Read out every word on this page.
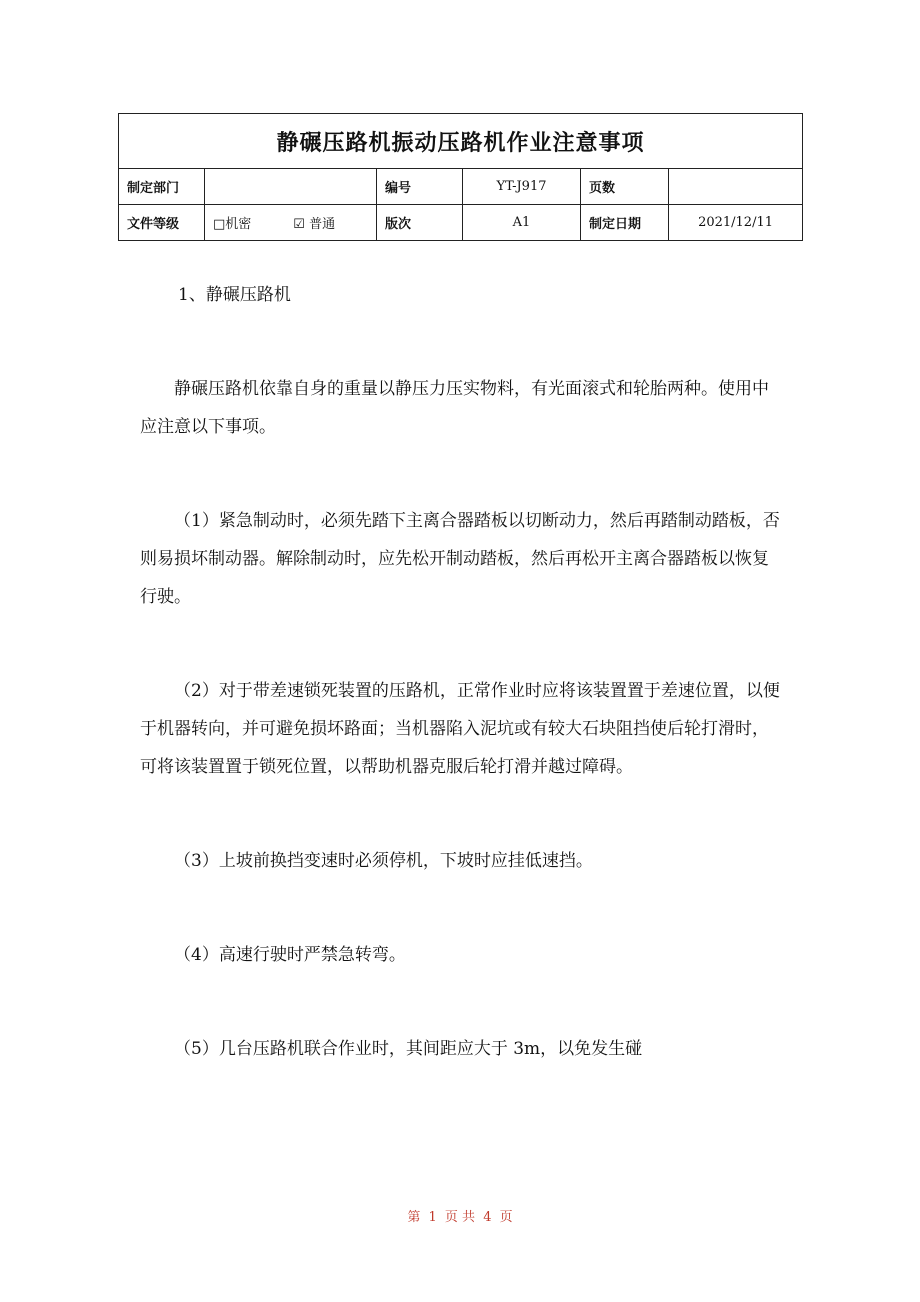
静碾压路机振动压路机作业注意事项					
制定部门		编号	YT-J917	页数	
文件等级	□机密 ☑ 普通	版次	A1	制定日期	2021/12/11

1、静碾压路机

静碾压路机依靠自身的重量以静压力压实物料，有光面滚式和轮胎两种。使用中应注意以下事项。

（1）紧急制动时，必须先踏下主离合器踏板以切断动力，然后再踏制动踏板，否则易损坏制动器。解除制动时，应先松开制动踏板，然后再松开主离合器踏板以恢复行驶。

（2）对于带差速锁死装置的压路机，正常作业时应将该装置置于差速位置，以便于机器转向，并可避免损坏路面；当机器陷入泥坑或有较大石块阻挡使后轮打滑时，可将该装置置于锁死位置，以帮助机器克服后轮打滑并越过障碍。

（3）上坡前换挡变速时必须停机，下坡时应挂低速挡。

（4）高速行驶时严禁急转弯。

（5）几台压路机联合作业时，其间距应大于 3m，以免发生碰

第 1 页 共 4 页
